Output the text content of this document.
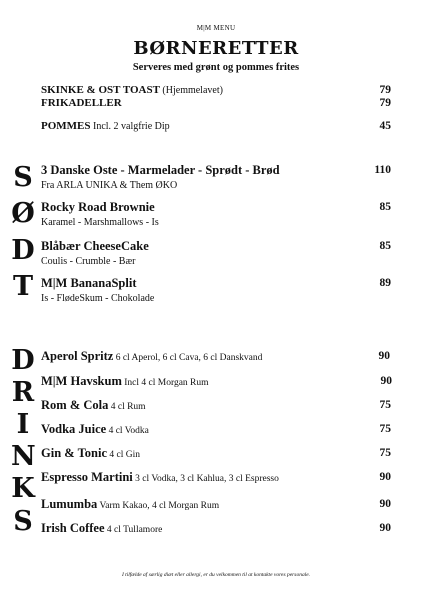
M|M MENU
BØRNERETTER
Serveres med grønt og pommes frites
SKINKE & OST TOAST (Hjemmelavet)	79
FRIKADELLER	79
POMMES Incl. 2 valgfrie Dip	45
S
Ø
D
T
3 Danske Oste - Marmelader - Sprødt - Brød
Fra ARLA UNIKA & Them ØKO
110
Rocky Road Brownie
Karamel - Marshmallows - Is
85
Blåbær CheeseCake
Coulis - Crumble - Bær
85
M|M BananaSplit
Is - FlødeSkum - Chokolade
89
D
R
I
N
K
S
Aperol Spritz 6 cl Aperol, 6 cl Cava, 6 cl Danskvand	90
M|M Havskum Incl 4 cl Morgan Rum	90
Rom & Cola 4 cl Rum	75
Vodka Juice 4 cl Vodka	75
Gin & Tonic 4 cl Gin	75
Espresso Martini 3 cl Vodka, 3 cl Kahlua, 3 cl Espresso	90
Lumumba Varm Kakao, 4 cl Morgan Rum	90
Irish Coffee 4 cl Tullamore	90
I tilfælde af særlig diæt eller allergi, er du velkommen til at kontakte vores personale.
